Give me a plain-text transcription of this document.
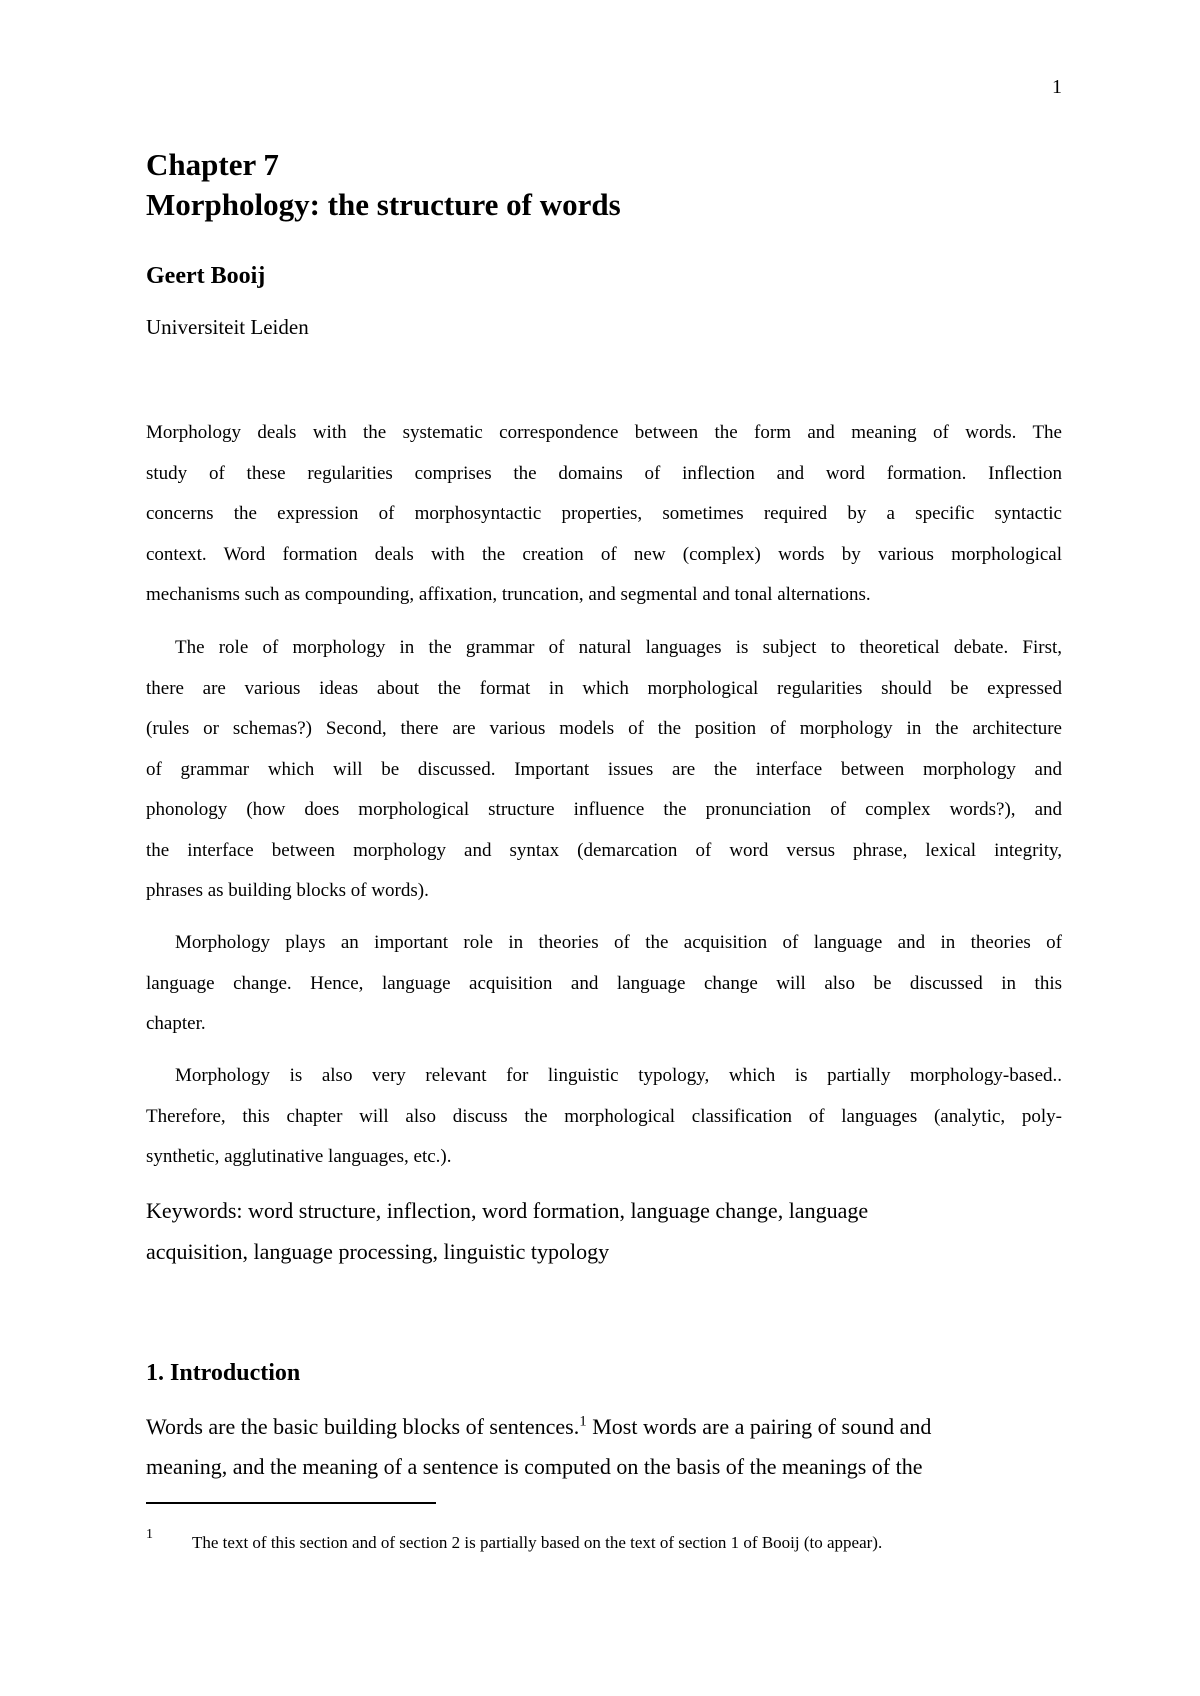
1
Chapter 7
Morphology: the structure of words
Geert Booij
Universiteit Leiden
Morphology deals with the systematic correspondence between the form and meaning of words. The
study of these regularities comprises the domains of inflection and word formation. Inflection
concerns the expression of morphosyntactic properties, sometimes required by a specific syntactic
context. Word formation deals with the creation of new (complex) words by various morphological
mechanisms such as compounding, affixation, truncation, and segmental and tonal alternations.
The role of morphology in the grammar of natural languages is subject to theoretical debate. First,
there are various ideas about the format in which morphological regularities should be expressed
(rules or schemas?) Second, there are various models of the position of morphology in the architecture
of grammar which will be discussed. Important issues are the interface between morphology and
phonology (how does morphological structure influence the pronunciation of complex words?), and
the interface between morphology and syntax (demarcation of word versus phrase, lexical integrity,
phrases as building blocks of words).
Morphology plays an important role in theories of the acquisition of language and in theories of
language change. Hence, language acquisition and language change will also be discussed in this
chapter.
Morphology is also very relevant for linguistic typology, which is partially morphology-based..
Therefore, this chapter will also discuss the morphological classification of languages (analytic, poly-
synthetic, agglutinative languages, etc.).
Keywords: word structure, inflection, word formation, language change, language
acquisition, language processing, linguistic typology
1. Introduction
Words are the basic building blocks of sentences.$^1$ Most words are a pairing of sound and
meaning, and the meaning of a sentence is computed on the basis of the meanings of the
1 The text of this section and of section 2 is partially based on the text of section 1 of Booij (to appear).
